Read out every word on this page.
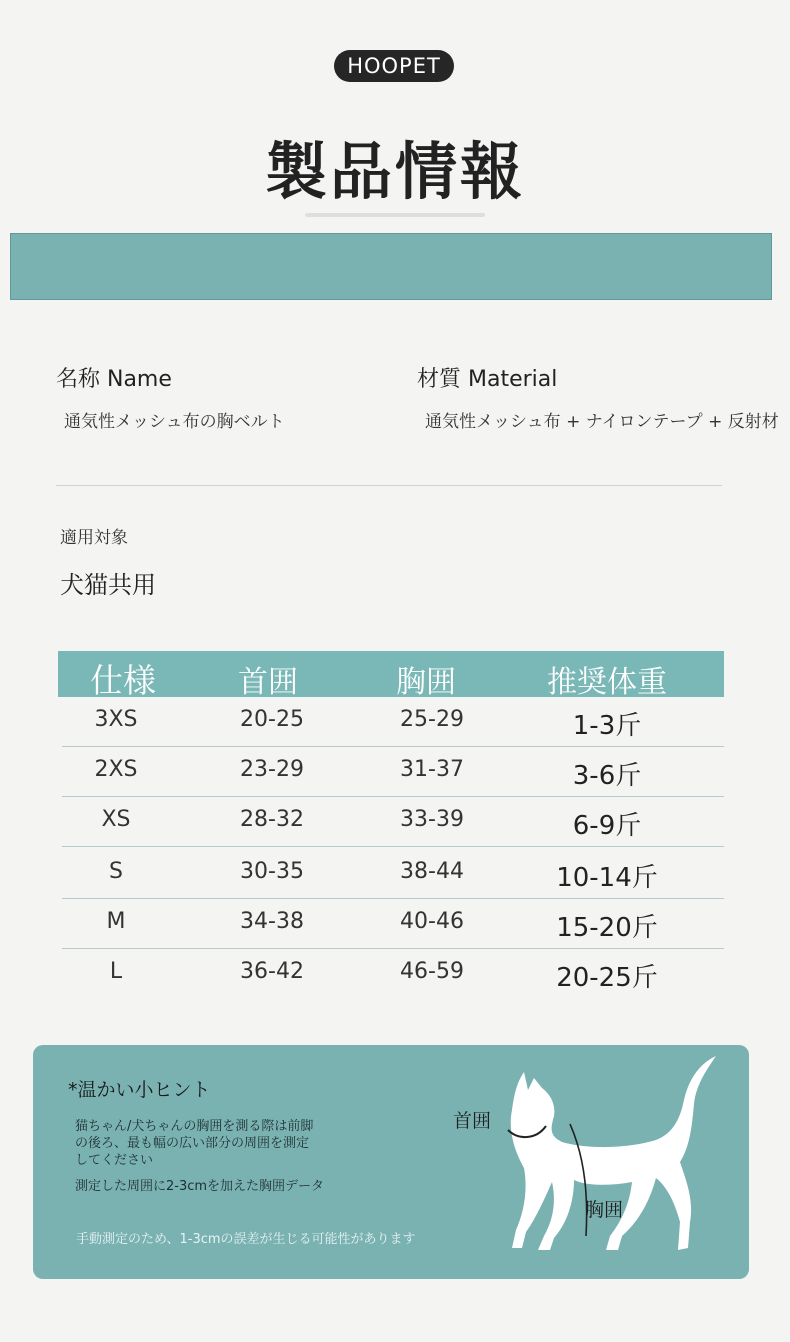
HOOPET
製品情報
名称 Name
通気性メッシュ布の胸ベルト
材質 Material
通気性メッシュ布 + ナイロンテープ + 反射材
適用対象
犬猫共用
仕様	首囲	胸囲	推奨体重
3XS	20-25	25-29	1-3斤
2XS	23-29	31-37	3-6斤
XS	28-32	33-39	6-9斤
S	30-35	38-44	10-14斤
M	34-38	40-46	15-20斤
L	36-42	46-59	20-25斤
*温かい小ヒント
猫ちゃん/犬ちゃんの胸囲を測る際は前脚
の後ろ、最も幅の広い部分の周囲を測定
してください
測定した周囲に2-3cmを加えた胸囲データ
手動測定のため、1-3cmの誤差が生じる可能性があります
首囲
胸囲
